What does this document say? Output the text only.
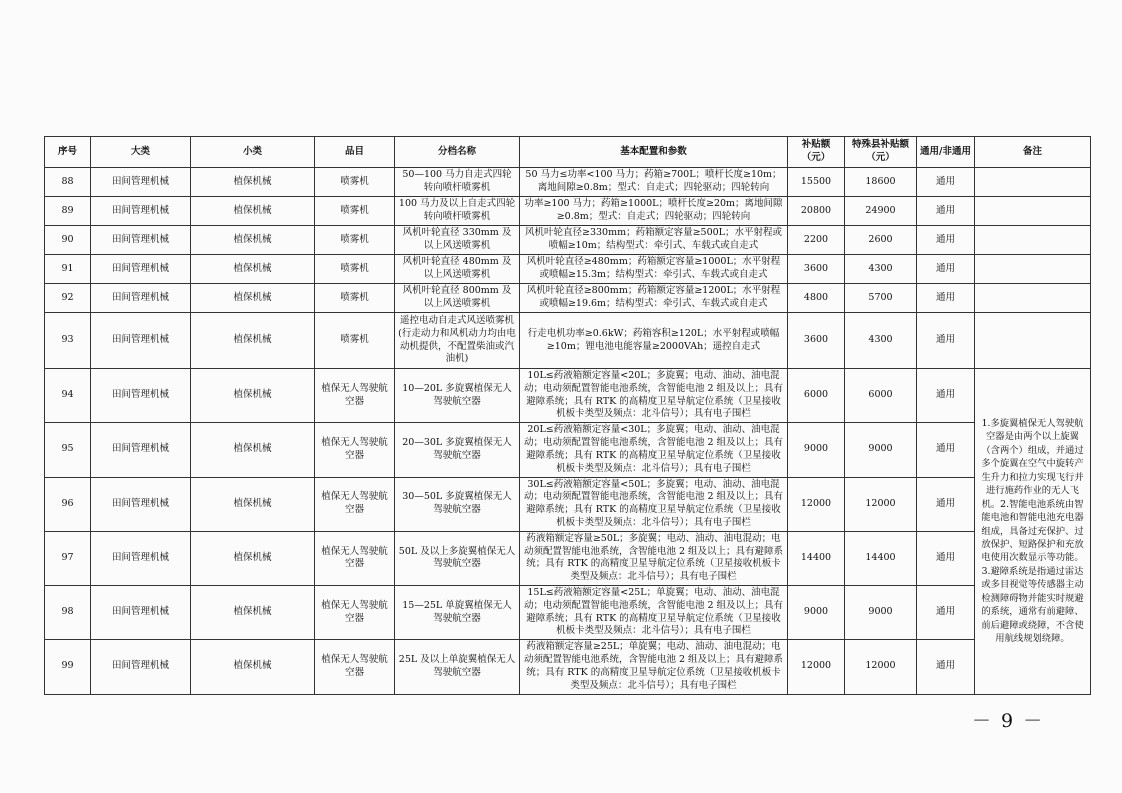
序号	大类	小类	品目	分档名称	基本配置和参数	补贴额（元）	特殊县补贴额（元）	通用/非通用	备注
88	田间管理机械	植保机械	喷雾机	50—100 马力自走式四轮转向喷杆喷雾机	50 马力≤功率<100 马力；药箱≥700L；喷杆长度≥10m；离地间隙≥0.8m；型式：自走式；四轮驱动；四轮转向	15500	18600	通用	
89	田间管理机械	植保机械	喷雾机	100 马力及以上自走式四轮转向喷杆喷雾机	功率≥100 马力；药箱≥1000L；喷杆长度≥20m；离地间隙≥0.8m；型式：自走式；四轮驱动；四轮转向	20800	24900	通用	
90	田间管理机械	植保机械	喷雾机	风机叶轮直径 330mm 及以上风送喷雾机	风机叶轮直径≥330mm；药箱额定容量≥500L；水平射程或喷幅≥10m；结构型式：牵引式、车载式或自走式	2200	2600	通用	
91	田间管理机械	植保机械	喷雾机	风机叶轮直径 480mm 及以上风送喷雾机	风机叶轮直径≥480mm；药箱额定容量≥1000L；水平射程或喷幅≥15.3m；结构型式：牵引式、车载式或自走式	3600	4300	通用	
92	田间管理机械	植保机械	喷雾机	风机叶轮直径 800mm 及以上风送喷雾机	风机叶轮直径≥800mm；药箱额定容量≥1200L；水平射程或喷幅≥19.6m；结构型式：牵引式、车载式或自走式	4800	5700	通用	
93	田间管理机械	植保机械	喷雾机	遥控电动自走式风送喷雾机(行走动力和风机动力均由电动机提供，不配置柴油或汽油机)	行走电机功率≥0.6kW；药箱容积≥120L；水平射程或喷幅≥10m；锂电池电能容量≥2000VAh；遥控自走式	3600	4300	通用	
94	田间管理机械	植保机械	植保无人驾驶航空器	10—20L 多旋翼植保无人驾驶航空器	10L≤药液箱额定容量<20L；多旋翼；电动、油动、油电混动；电动须配置智能电池系统，含智能电池 2 组及以上；具有避障系统；具有 RTK 的高精度卫星导航定位系统（卫星接收机板卡类型及频点：北斗信号）；具有电子围栏	6000	6000	通用	1.多旋翼植保无人驾驶航空器是由两个以上旋翼（含两个）组成，并通过多个旋翼在空气中旋转产生升力和拉力实现飞行并进行施药作业的无人飞机。2.智能电池系统由智能电池和智能电池充电器组成，具备过充保护、过放保护、短路保护和充放电使用次数显示等功能。3.避障系统是指通过雷达或多目视觉等传感器主动检测障碍物并能实时规避的系统，通常有前避障、前后避障或绕障，不含使用航线规划绕障。
95	田间管理机械	植保机械	植保无人驾驶航空器	20—30L 多旋翼植保无人驾驶航空器	20L≤药液箱额定容量<30L；多旋翼；电动、油动、油电混动；电动须配置智能电池系统，含智能电池 2 组及以上；具有避障系统；具有 RTK 的高精度卫星导航定位系统（卫星接收机板卡类型及频点：北斗信号）；具有电子围栏	9000	9000	通用	
96	田间管理机械	植保机械	植保无人驾驶航空器	30—50L 多旋翼植保无人驾驶航空器	30L≤药液箱额定容量<50L；多旋翼；电动、油动、油电混动；电动须配置智能电池系统，含智能电池 2 组及以上；具有避障系统；具有 RTK 的高精度卫星导航定位系统（卫星接收机板卡类型及频点：北斗信号）；具有电子围栏	12000	12000	通用	
97	田间管理机械	植保机械	植保无人驾驶航空器	50L 及以上多旋翼植保无人驾驶航空器	药液箱额定容量≥50L；多旋翼；电动、油动、油电混动；电动须配置智能电池系统，含智能电池 2 组及以上；具有避障系统；具有 RTK 的高精度卫星导航定位系统（卫星接收机板卡类型及频点：北斗信号）；具有电子围栏	14400	14400	通用	
98	田间管理机械	植保机械	植保无人驾驶航空器	15—25L 单旋翼植保无人驾驶航空器	15L≤药液箱额定容量<25L；单旋翼；电动、油动、油电混动；电动须配置智能电池系统，含智能电池 2 组及以上；具有避障系统；具有 RTK 的高精度卫星导航定位系统（卫星接收机板卡类型及频点：北斗信号）；具有电子围栏	9000	9000	通用	
99	田间管理机械	植保机械	植保无人驾驶航空器	25L 及以上单旋翼植保无人驾驶航空器	药液箱额定容量≥25L；单旋翼；电动、油动、油电混动；电动须配置智能电池系统，含智能电池 2 组及以上；具有避障系统；具有 RTK 的高精度卫星导航定位系统（卫星接收机板卡类型及频点：北斗信号）；具有电子围栏	12000	12000	通用	
－ 9 －
